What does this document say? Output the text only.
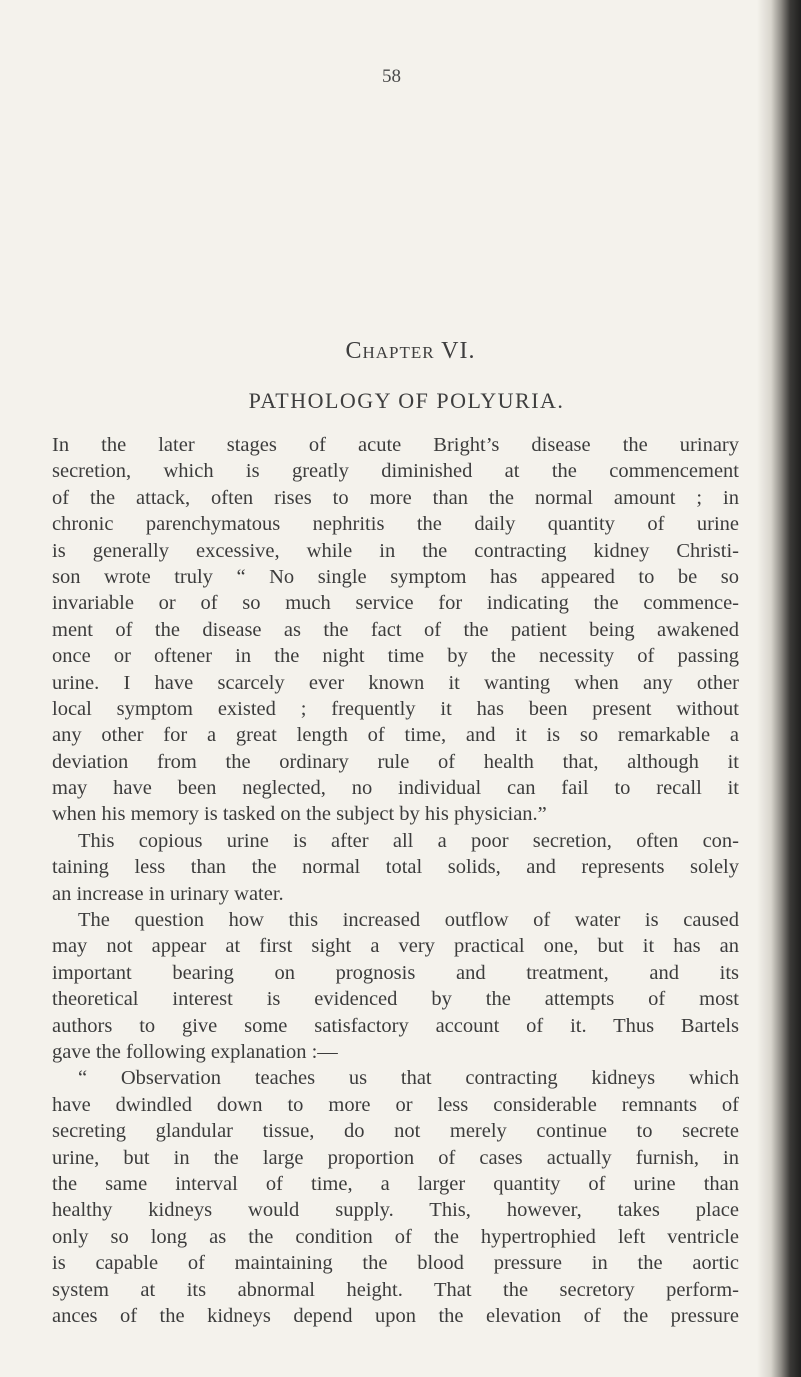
58
Chapter VI.
PATHOLOGY OF POLYURIA.
In the later stages of acute Bright’s disease the urinary
secretion, which is greatly diminished at the commencement
of the attack, often rises to more than the normal amount ; in
chronic parenchymatous nephritis the daily quantity of urine
is generally excessive, while in the contracting kidney Christi-
son wrote truly “ No single symptom has appeared to be so
invariable or of so much service for indicating the commence-
ment of the disease as the fact of the patient being awakened
once or oftener in the night time by the necessity of passing
urine. I have scarcely ever known it wanting when any other
local symptom existed ; frequently it has been present without
any other for a great length of time, and it is so remarkable a
deviation from the ordinary rule of health that, although it
may have been neglected, no individual can fail to recall it
when his memory is tasked on the subject by his physician.”
This copious urine is after all a poor secretion, often con-
taining less than the normal total solids, and represents solely
an increase in urinary water.
The question how this increased outflow of water is caused
may not appear at first sight a very practical one, but it has an
important bearing on prognosis and treatment, and its
theoretical interest is evidenced by the attempts of most
authors to give some satisfactory account of it. Thus Bartels
gave the following explanation :—
“ Observation teaches us that contracting kidneys which
have dwindled down to more or less considerable remnants of
secreting glandular tissue, do not merely continue to secrete
urine, but in the large proportion of cases actually furnish, in
the same interval of time, a larger quantity of urine than
healthy kidneys would supply. This, however, takes place
only so long as the condition of the hypertrophied left ventricle
is capable of maintaining the blood pressure in the aortic
system at its abnormal height. That the secretory perform-
ances of the kidneys depend upon the elevation of the pressure
